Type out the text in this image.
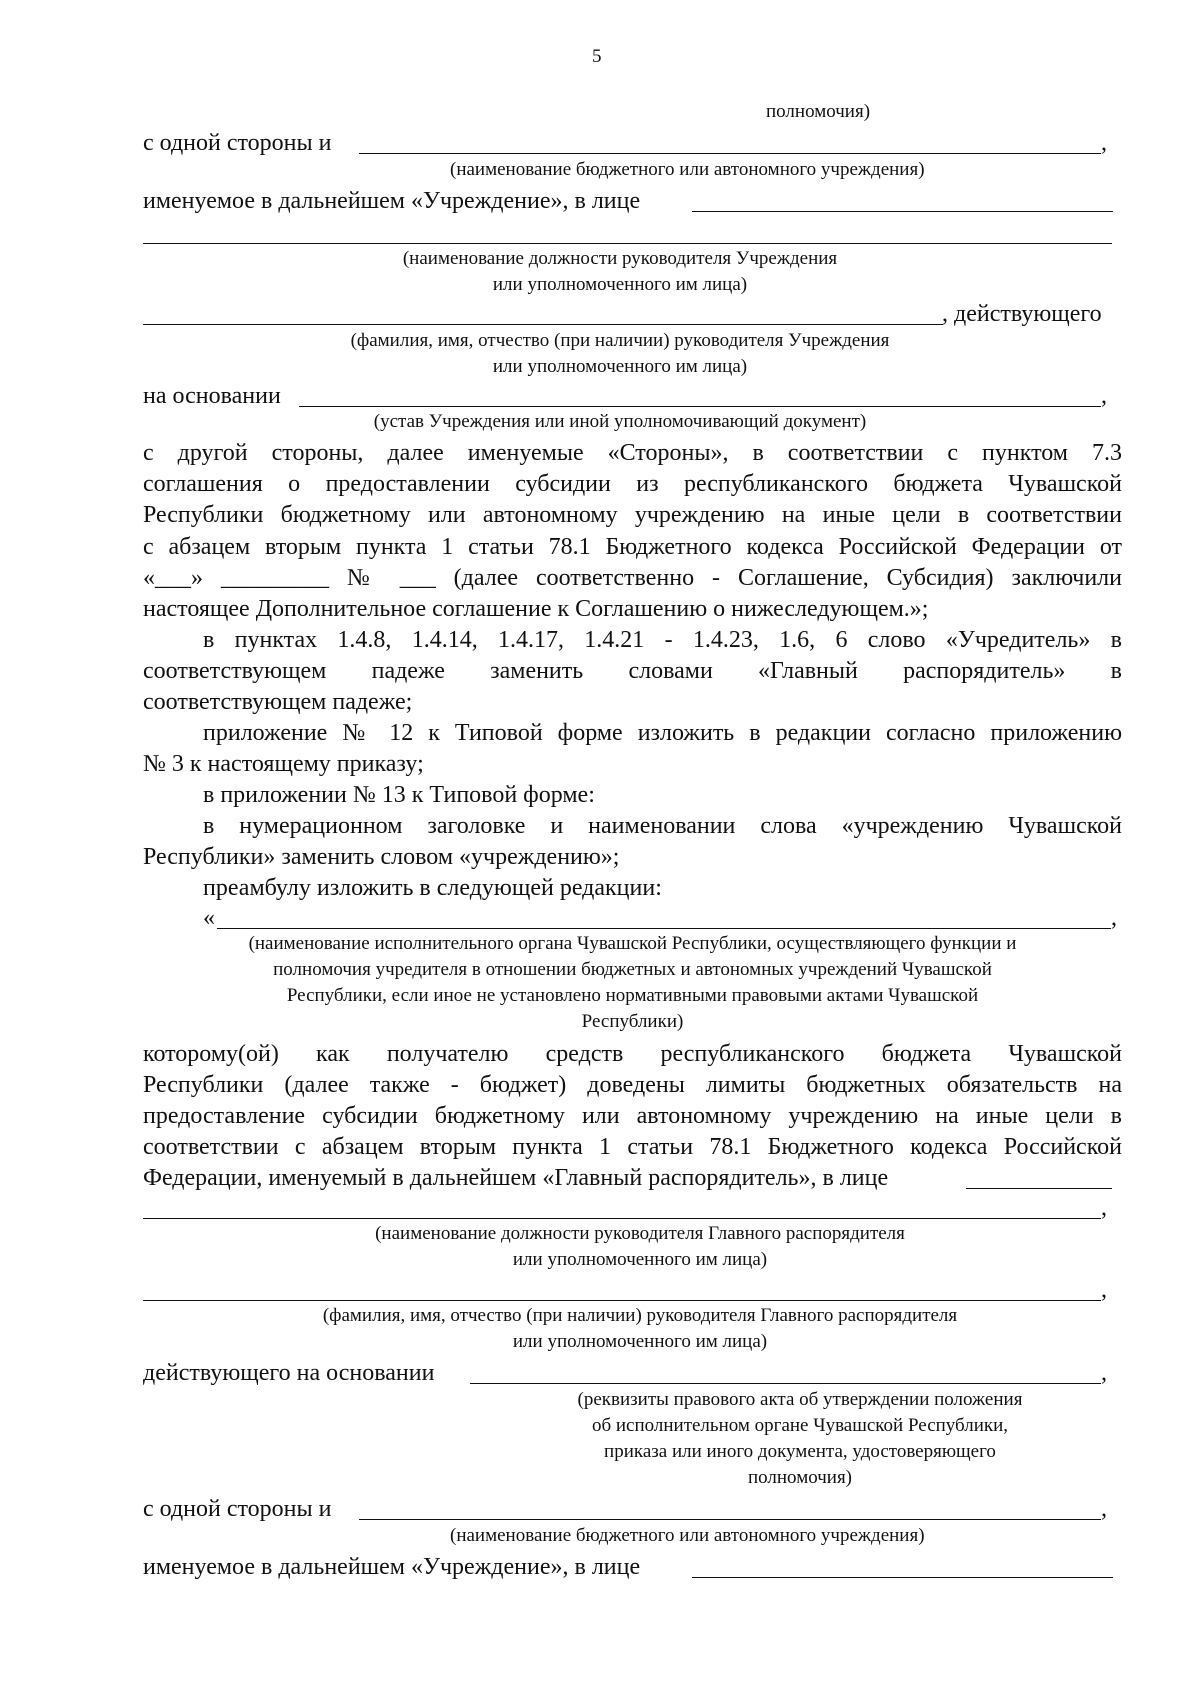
5
полномочия)
с одной стороны и	,
(наименование бюджетного или автономного учреждения)
именуемое в дальнейшем «Учреждение», в лице
(наименование должности руководителя Учреждения
или уполномоченного им лица)
, действующего
(фамилия, имя, отчество (при наличии) руководителя Учреждения
или уполномоченного им лица)
на основании	,
(устав Учреждения или иной уполномочивающий документ)
с другой стороны, далее именуемые «Стороны», в соответствии с пунктом 7.3
соглашения о предоставлении субсидии из республиканского бюджета Чувашской
Республики бюджетному или автономному учреждению на иные цели в соответствии
с абзацем вторым пункта 1 статьи 78.1 Бюджетного кодекса Российской Федерации от
«___» _________ № ___ (далее соответственно - Соглашение, Субсидия) заключили
настоящее Дополнительное соглашение к Соглашению о нижеследующем.»;
в пунктах 1.4.8, 1.4.14, 1.4.17, 1.4.21 - 1.4.23, 1.6, 6 слово «Учредитель» в
соответствующем падеже заменить словами «Главный распорядитель» в
соответствующем падеже;
приложение № 12 к Типовой форме изложить в редакции согласно приложению
№ 3 к настоящему приказу;
в приложении № 13 к Типовой форме:
в нумерационном заголовке и наименовании слова «учреждению Чувашской
Республики» заменить словом «учреждению»;
преамбулу изложить в следующей редакции:
«	,
(наименование исполнительного органа Чувашской Республики, осуществляющего функции и
полномочия учредителя в отношении бюджетных и автономных учреждений Чувашской
Республики, если иное не установлено нормативными правовыми актами Чувашской
Республики)
которому(ой) как получателю средств республиканского бюджета Чувашской
Республики (далее также - бюджет) доведены лимиты бюджетных обязательств на
предоставление субсидии бюджетному или автономному учреждению на иные цели в
соответствии с абзацем вторым пункта 1 статьи 78.1 Бюджетного кодекса Российской
Федерации, именуемый в дальнейшем «Главный распорядитель», в лице
,
(наименование должности руководителя Главного распорядителя
или уполномоченного им лица)
,
(фамилия, имя, отчество (при наличии) руководителя Главного распорядителя
или уполномоченного им лица)
действующего на основании	,
(реквизиты правового акта об утверждении положения
об исполнительном органе Чувашской Республики,
приказа или иного документа, удостоверяющего
полномочия)
с одной стороны и	,
(наименование бюджетного или автономного учреждения)
именуемое в дальнейшем «Учреждение», в лице
